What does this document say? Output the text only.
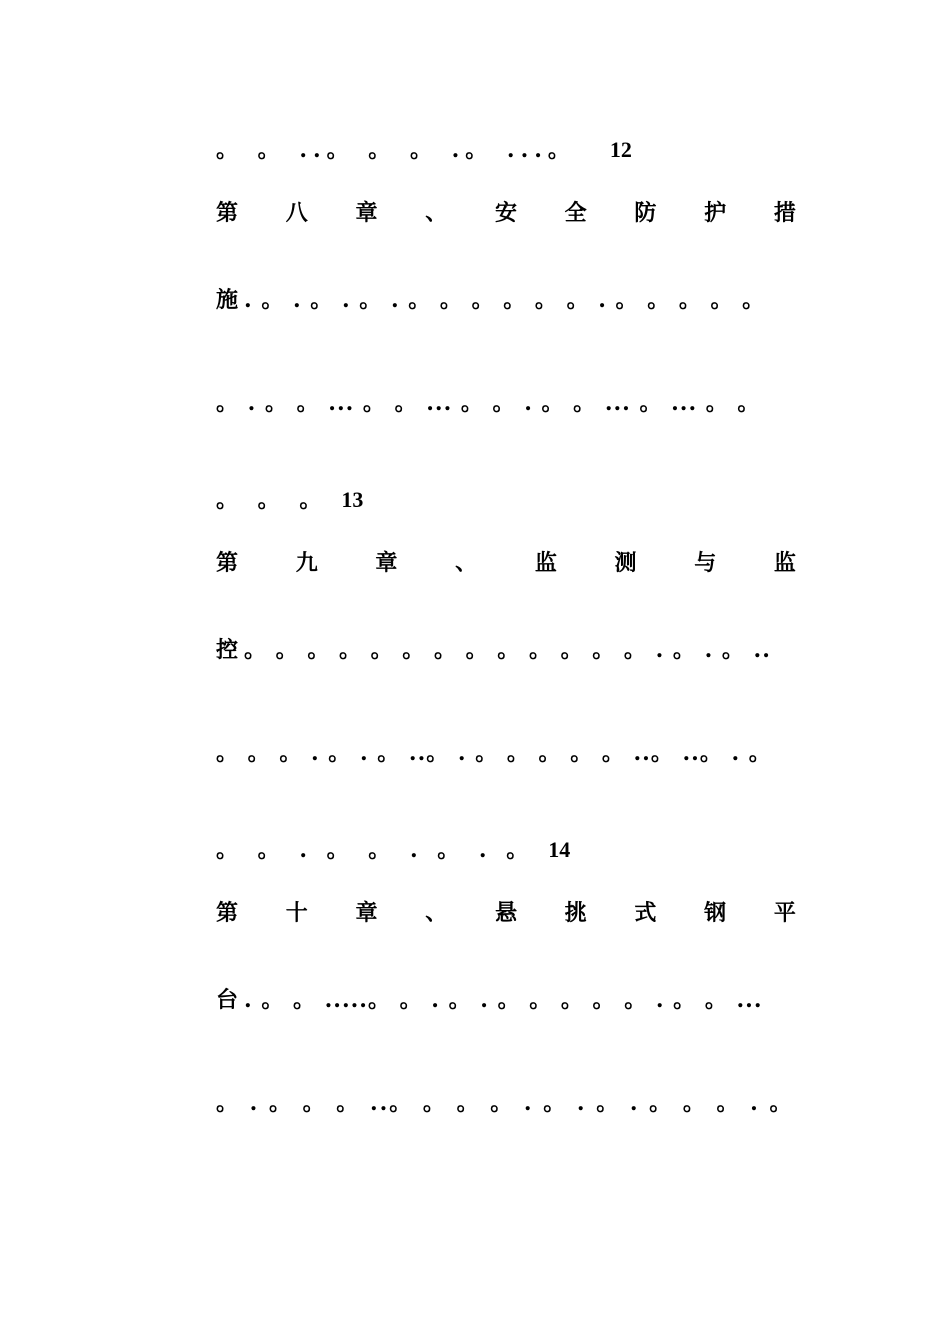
。 。 ..。 。 。 .。 ...。 12
第 八 章 、 安 全 防 护 措
施 . 。 . 。 . 。 . 。 。 。 。 。 。 . 。 。 。 。 。
。 . 。 。 ... 。 。 ... 。 。 . 。 。 ... 。 ... 。 。
。 。 。 13
第	九	章	、	监	测	与	监
控 。 。 。 。 。 。 。 。 。 。 。 。 。 . 。 . 。 ..
。 。 。 . 。 . 。 ..。 . 。 。 。 。 。 ..。 ..。 . 。
。 。 . 。 。 . 。 . 。 14
第 十 章 、 悬 挑 式 钢 平
台 . 。 。 .....。 。 . 。 . 。 。 。 。 。 . 。 。 ...
。 . 。 。 。 ..。 。 。 。 . 。 . 。 . 。 。 。 . 。
